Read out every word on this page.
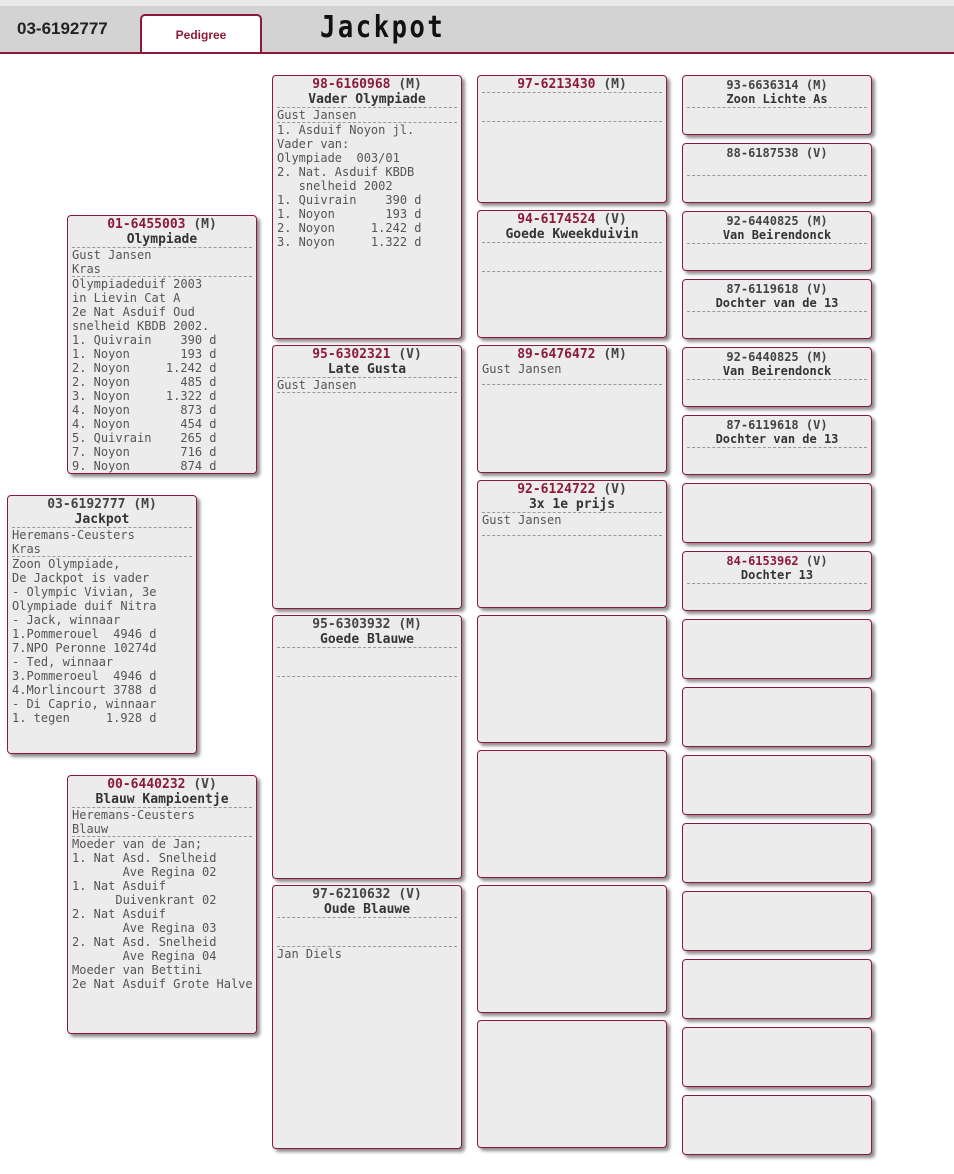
03-6192777	Pedigree	Jackpot
03-6192777 (M)
Jackpot
Heremans-Ceusters
Kras
Zoon Olympiade,
De Jackpot is vader
- Olympic Vivian, 3e
Olympiade duif Nitra
- Jack, winnaar
1.Pommerouel  4946 d
7.NPO Peronne 10274d
- Ted, winnaar
3.Pommeroeul  4946 d
4.Morlincourt 3788 d
- Di Caprio, winnaar
1. tegen     1.928 d
01-6455003 (M)
Olympiade
Gust Jansen
Kras
Olympiadeduif 2003
in Lievin Cat A
2e Nat Asduif Oud
snelheid KBDB 2002.
1. Quivrain    390 d
1. Noyon       193 d
2. Noyon     1.242 d
2. Noyon       485 d
3. Noyon     1.322 d
4. Noyon       873 d
4. Noyon       454 d
5. Quivrain    265 d
7. Noyon       716 d
9. Noyon       874 d
00-6440232 (V)
Blauw Kampioentje
Heremans-Ceusters
Blauw
Moeder van de Jan;
1. Nat Asd. Snelheid
Ave Regina 02
1. Nat Asduif
Duivenkrant 02
2. Nat Asduif
Ave Regina 03
2. Nat Asd. Snelheid
Ave Regina 04
Moeder van Bettini
2e Nat Asduif Grote Halve
98-6160968 (M)
Vader Olympiade
Gust Jansen
1. Asduif Noyon jl.
Vader van:
Olympiade  003/01
2. Nat. Asduif KBDB
snelheid 2002
1. Quivrain    390 d
1. Noyon       193 d
2. Noyon     1.242 d
3. Noyon     1.322 d
95-6302321 (V)
Late Gusta
Gust Jansen
95-6303932 (M)
Goede Blauwe
97-6210632 (V)
Oude Blauwe
Jan Diels
97-6213430 (M)
94-6174524 (V)
Goede Kweekduivin
89-6476472 (M)
Gust Jansen
92-6124722 (V)
3x 1e prijs
Gust Jansen
93-6636314 (M)
Zoon Lichte As
88-6187538 (V)
92-6440825 (M)
Van Beirendonck
87-6119618 (V)
Dochter van de 13
92-6440825 (M)
Van Beirendonck
87-6119618 (V)
Dochter van de 13
84-6153962 (V)
Dochter 13
